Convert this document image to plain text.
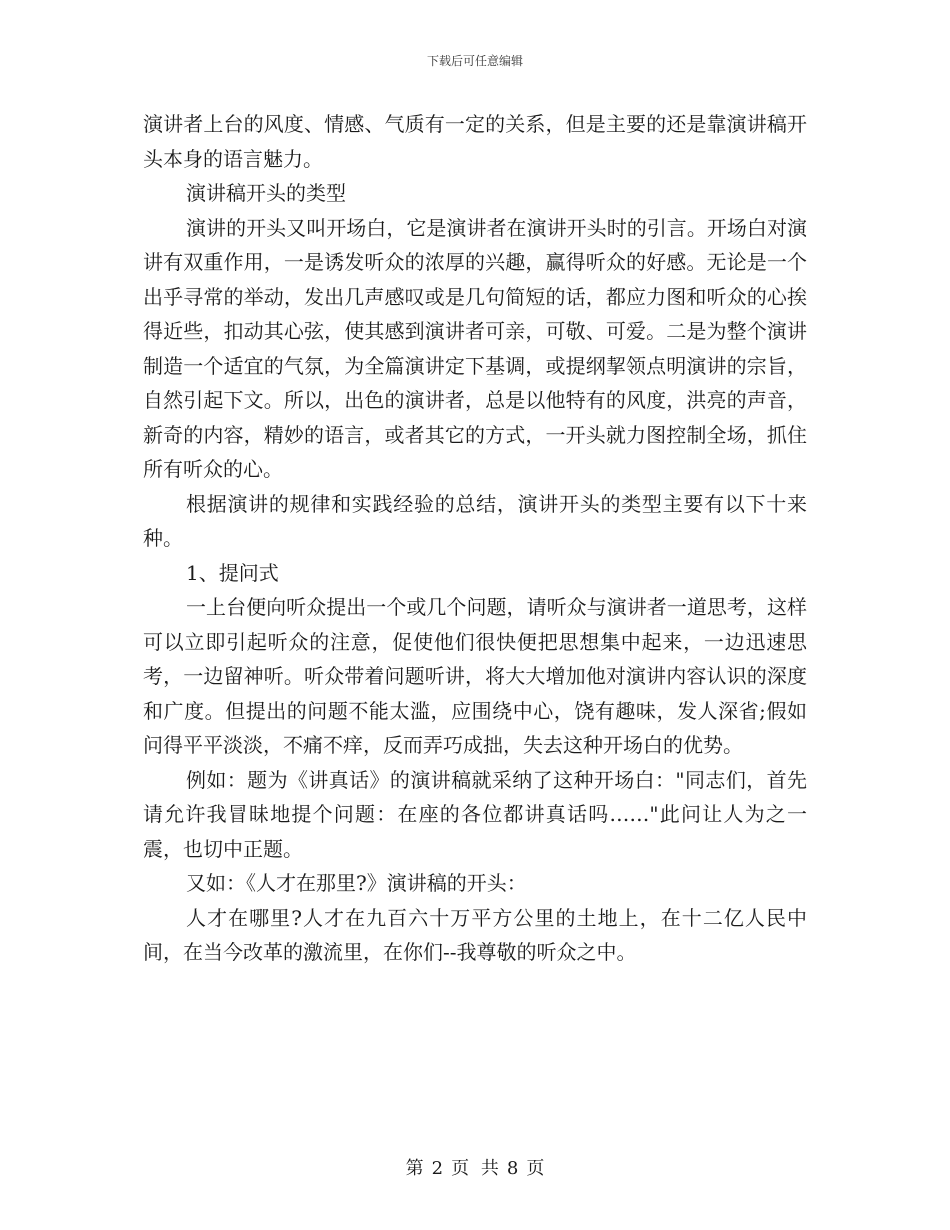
下载后可任意编辑

演讲者上台的风度、情感、气质有一定的关系，但是主要的还是靠演讲稿开头本身的语言魅力。

演讲稿开头的类型

演讲的开头又叫开场白，它是演讲者在演讲开头时的引言。开场白对演讲有双重作用，一是诱发听众的浓厚的兴趣，赢得听众的好感。无论是一个出乎寻常的举动，发出几声感叹或是几句简短的话，都应力图和听众的心挨得近些，扣动其心弦，使其感到演讲者可亲，可敬、可爱。二是为整个演讲制造一个适宜的气氛，为全篇演讲定下基调，或提纲挈领点明演讲的宗旨，自然引起下文。所以，出色的演讲者，总是以他特有的风度，洪亮的声音，新奇的内容，精妙的语言，或者其它的方式，一开头就力图控制全场，抓住所有听众的心。

根据演讲的规律和实践经验的总结，演讲开头的类型主要有以下十来种。

1、提问式

一上台便向听众提出一个或几个问题，请听众与演讲者一道思考，这样可以立即引起听众的注意，促使他们很快便把思想集中起来，一边迅速思考，一边留神听。听众带着问题听讲，将大大增加他对演讲内容认识的深度和广度。但提出的问题不能太滥，应围绕中心，饶有趣味，发人深省;假如问得平平淡淡，不痛不痒，反而弄巧成拙，失去这种开场白的优势。

例如：题为《讲真话》的演讲稿就采纳了这种开场白："同志们，首先请允许我冒昧地提个问题：在座的各位都讲真话吗……"此问让人为之一震，也切中正题。

又如：《人才在那里?》演讲稿的开头：

人才在哪里?人才在九百六十万平方公里的土地上，在十二亿人民中间，在当今改革的激流里，在你们--我尊敬的听众之中。

第 2 页 共 8 页
